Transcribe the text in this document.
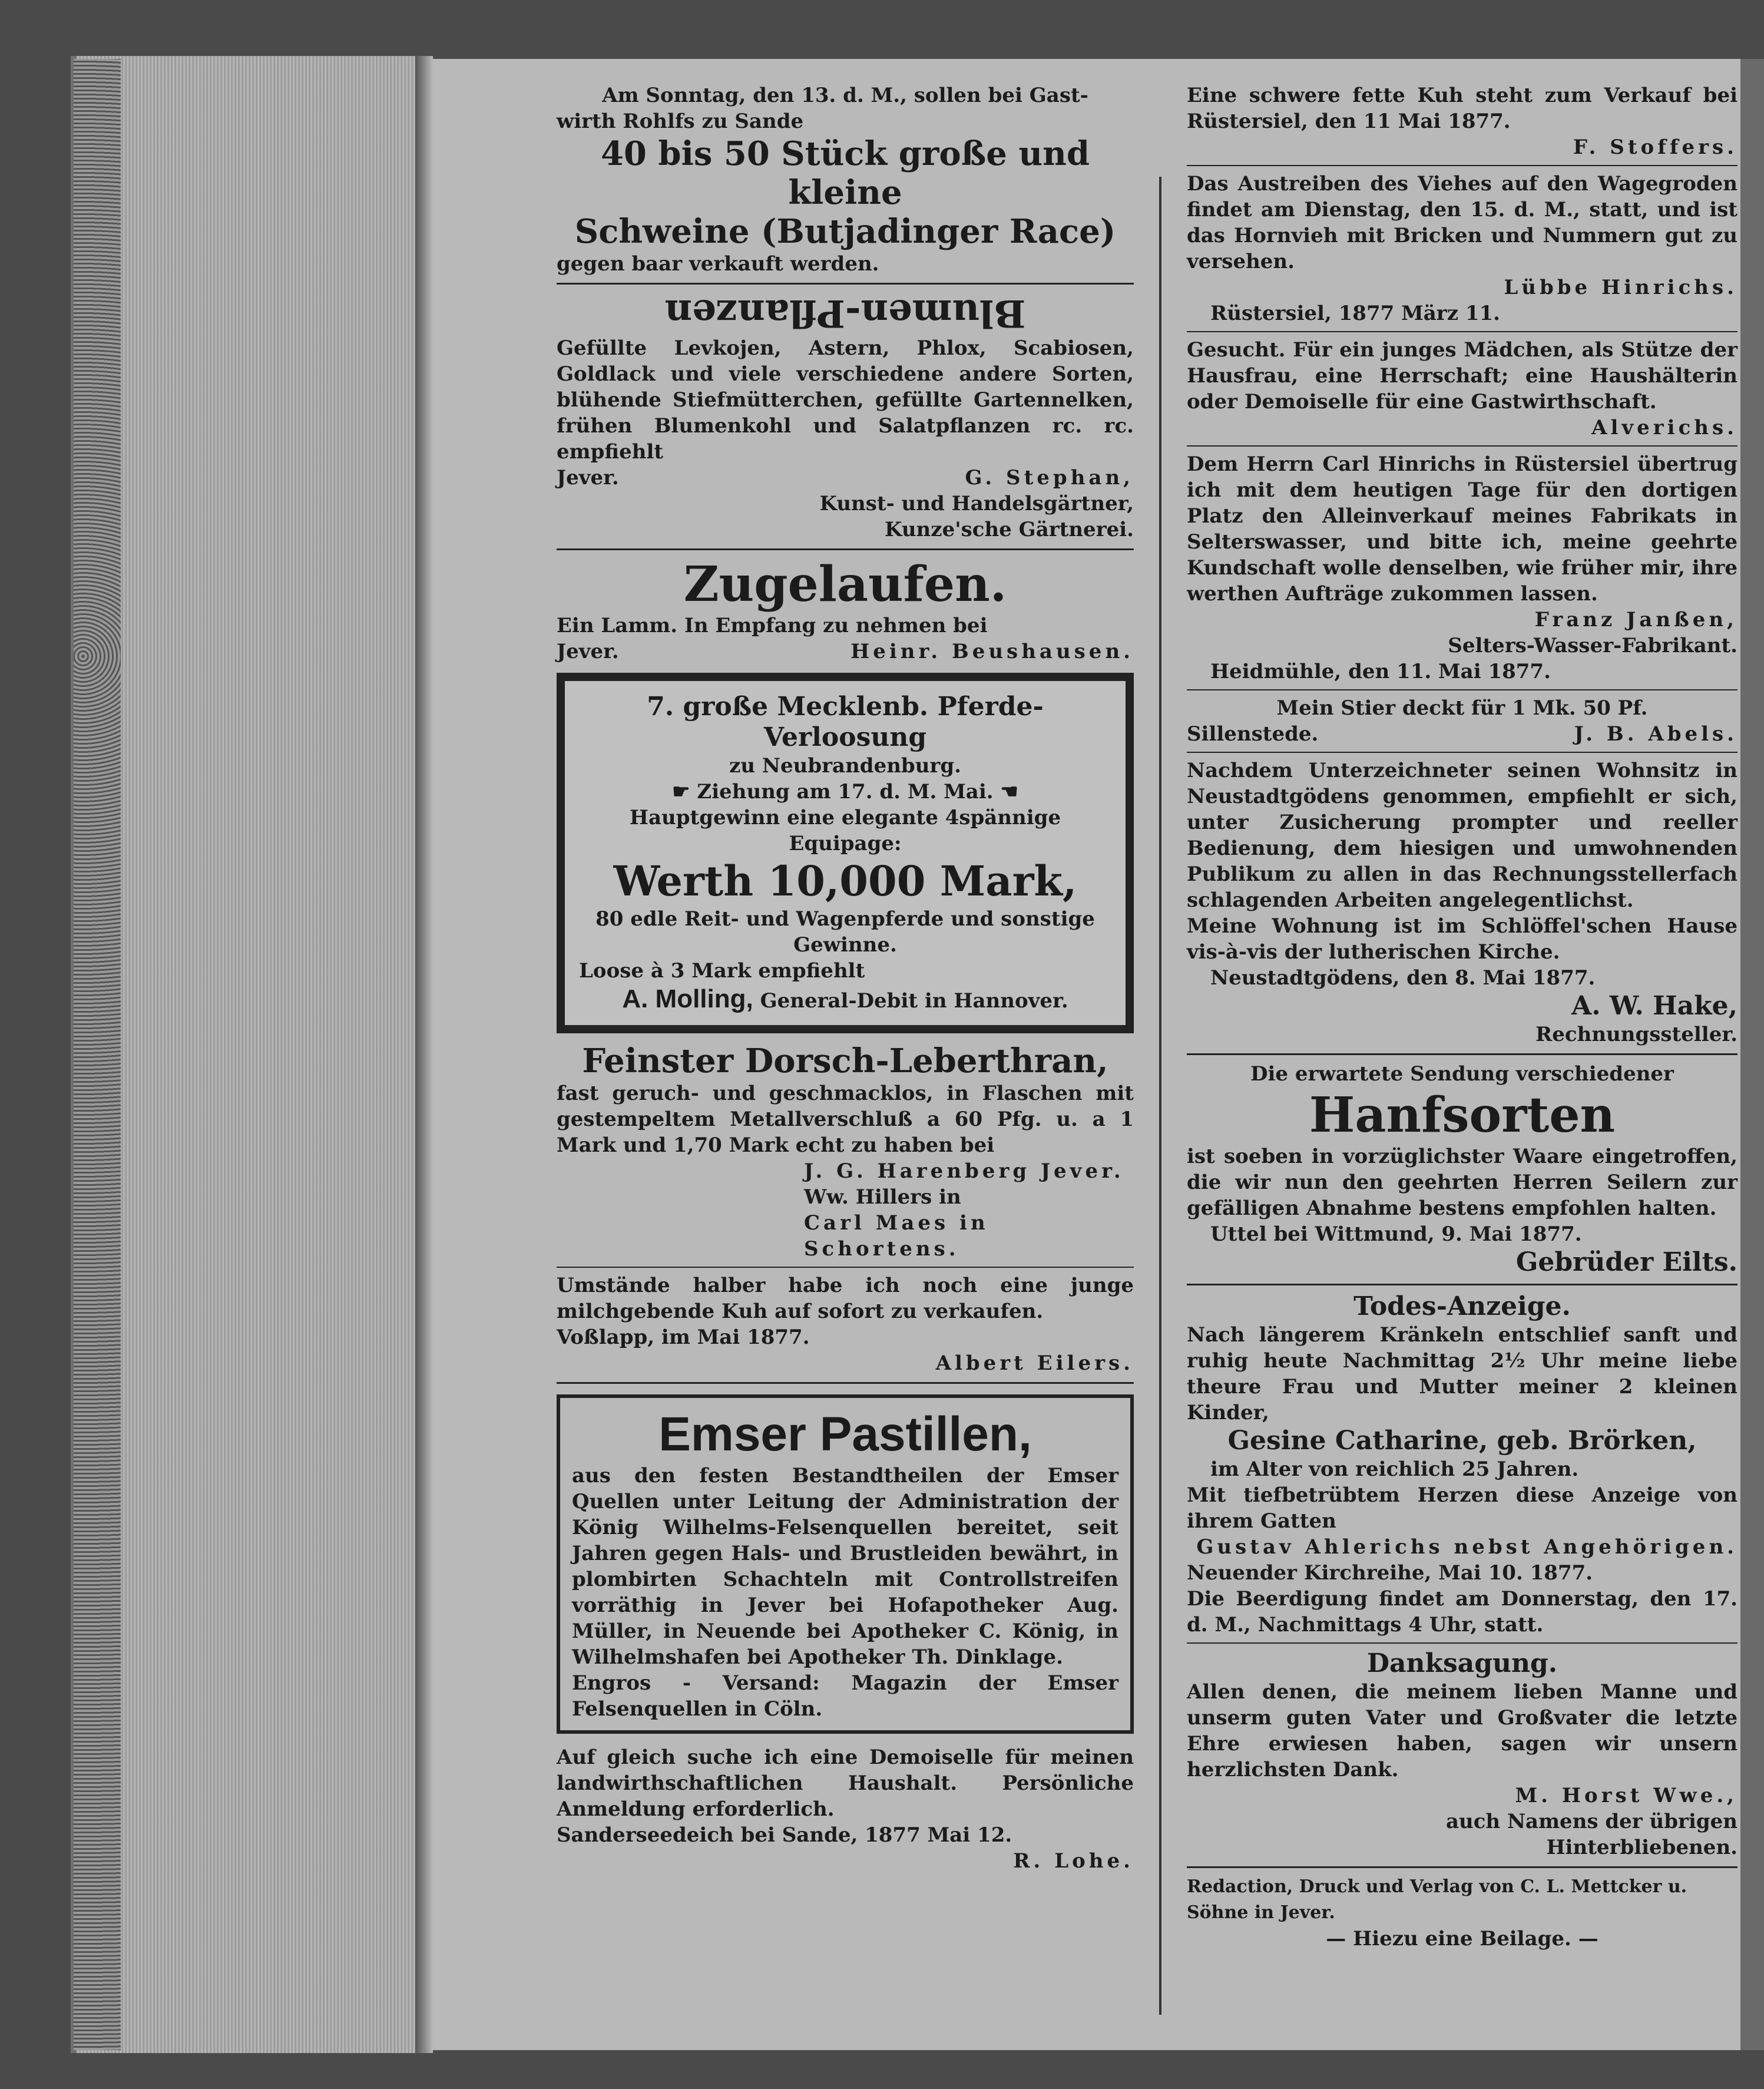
Am Sonntag, den 13. d. M., sollen bei Gast-
wirth Rohlfs zu Sande
40 bis 50 Stück große und kleine
Schweine (Butjadinger Race)
gegen baar verkauft werden.
Blumen-Pflanzen
Gefüllte Levkojen, Astern, Phlox, Scabiosen, Goldlack und viele verschiedene andere Sorten, blühende Stiefmütterchen, gefüllte Gartennelken, frühen Blumenkohl und Salatpflanzen rc. rc. empfiehlt
Jever.	G. Stephan,
Kunst- und Handelsgärtner,
Kunze'sche Gärtnerei.
Zugelaufen.
Ein Lamm. In Empfang zu nehmen bei
Jever.	Heinr. Beushausen.
7. große Mecklenb. Pferde-Verloosung
zu Neubrandenburg.
☛ Ziehung am 17. d. M. Mai. ☚
Hauptgewinn eine elegante 4spännige Equipage:
Werth 10,000 Mark,
80 edle Reit- und Wagenpferde und sonstige Gewinne.
Loose à 3 Mark empfiehlt
A. Molling, General-Debit in Hannover.
Feinster Dorsch-Leberthran,
fast geruch- und geschmacklos, in Flaschen mit gestempeltem Metallverschluß a 60 Pfg. u. a 1 Mark und 1,70 Mark echt zu haben bei
J. G. Harenberg Jever.
Ww. Hillers in
Carl Maes in Schortens.
Umstände halber habe ich noch eine junge milchgebende Kuh auf sofort zu verkaufen.
Voßlapp, im Mai 1877.
Albert Eilers.
Emser Pastillen,
aus den festen Bestandtheilen der Emser Quellen unter Leitung der Administration der König Wilhelms-Felsenquellen bereitet, seit Jahren gegen Hals- und Brustleiden bewährt, in plombirten Schachteln mit Controllstreifen vorräthig in Jever bei Hofapotheker Aug. Müller, in Neuende bei Apotheker C. König, in Wilhelmshafen bei Apotheker Th. Dinklage.
Engros - Versand: Magazin der Emser Felsenquellen in Cöln.
Auf gleich suche ich eine Demoiselle für meinen landwirthschaftlichen Haushalt. Persönliche Anmeldung erforderlich.
Sanderseedeich bei Sande, 1877 Mai 12.
R. Lohe.
Eine schwere fette Kuh steht zum Verkauf bei Rüstersiel, den 11 Mai 1877.
F. Stoffers.
Das Austreiben des Viehes auf den Wagegroden findet am Dienstag, den 15. d. M., statt, und ist das Hornvieh mit Bricken und Nummern gut zu versehen.
Lübbe Hinrichs.
Rüstersiel, 1877 März 11.
Gesucht. Für ein junges Mädchen, als Stütze der Hausfrau, eine Herrschaft; eine Haushälterin oder Demoiselle für eine Gastwirthschaft.
Alverichs.
Dem Herrn Carl Hinrichs in Rüstersiel übertrug ich mit dem heutigen Tage für den dortigen Platz den Alleinverkauf meines Fabrikats in Selterswasser, und bitte ich, meine geehrte Kundschaft wolle denselben, wie früher mir, ihre werthen Aufträge zukommen lassen.
Franz Janßen,
Selters-Wasser-Fabrikant.
Heidmühle, den 11. Mai 1877.
Mein Stier deckt für 1 Mk. 50 Pf.
Sillenstede.	J. B. Abels.
Nachdem Unterzeichneter seinen Wohnsitz in Neustadtgödens genommen, empfiehlt er sich, unter Zusicherung prompter und reeller Bedienung, dem hiesigen und umwohnenden Publikum zu allen in das Rechnungsstellerfach schlagenden Arbeiten angelegentlichst.
Meine Wohnung ist im Schlöffel'schen Hause vis-à-vis der lutherischen Kirche.
Neustadtgödens, den 8. Mai 1877.
A. W. Hake,
Rechnungssteller.
Die erwartete Sendung verschiedener
Hanfsorten
ist soeben in vorzüglichster Waare eingetroffen, die wir nun den geehrten Herren Seilern zur gefälligen Abnahme bestens empfohlen halten.
Uttel bei Wittmund, 9. Mai 1877.
Gebrüder Eilts.
Todes-Anzeige.
Nach längerem Kränkeln entschlief sanft und ruhig heute Nachmittag 2½ Uhr meine liebe theure Frau und Mutter meiner 2 kleinen Kinder,
Gesine Catharine, geb. Brörken,
im Alter von reichlich 25 Jahren.
Mit tiefbetrübtem Herzen diese Anzeige von ihrem Gatten
Gustav Ahlerichs nebst Angehörigen.
Neuender Kirchreihe, Mai 10. 1877.
Die Beerdigung findet am Donnerstag, den 17. d. M., Nachmittags 4 Uhr, statt.
Danksagung.
Allen denen, die meinem lieben Manne und unserm guten Vater und Großvater die letzte Ehre erwiesen haben, sagen wir unsern herzlichsten Dank.
M. Horst Wwe.,
auch Namens der übrigen
Hinterbliebenen.
Redaction, Druck und Verlag von C. L. Mettcker u. Söhne in Jever.
— Hiezu eine Beilage. —
